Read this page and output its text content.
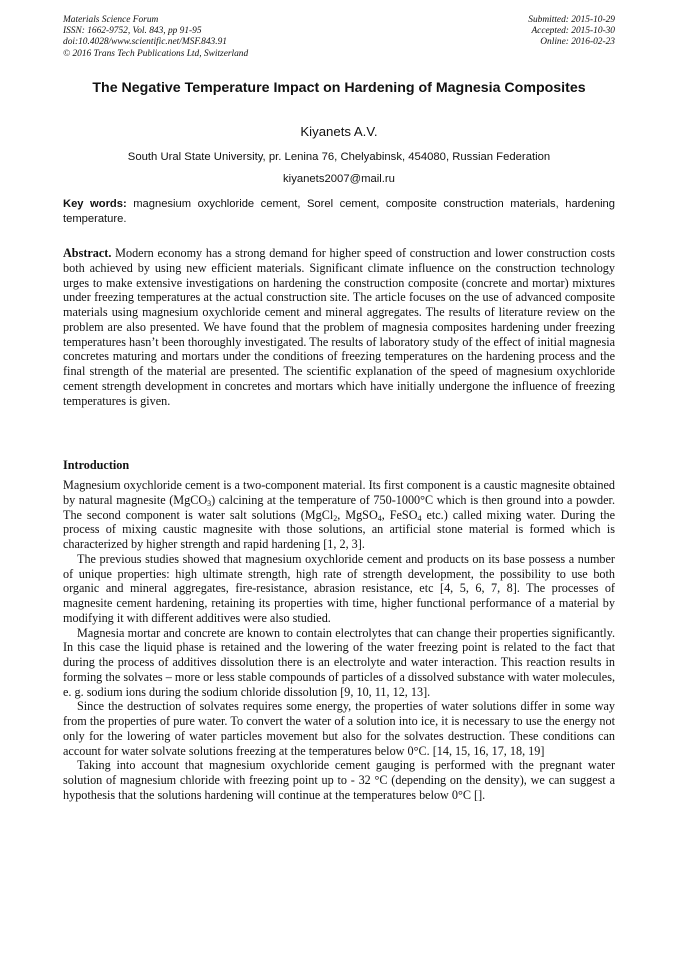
Materials Science Forum
ISSN: 1662-9752, Vol. 843, pp 91-95
doi:10.4028/www.scientific.net/MSF.843.91
© 2016 Trans Tech Publications Ltd, Switzerland
Submitted: 2015-10-29
Accepted: 2015-10-30
Online: 2016-02-23
The Negative Temperature Impact on Hardening of Magnesia Composites
Kiyanets A.V.
South Ural State University, pr. Lenina 76, Chelyabinsk, 454080, Russian Federation
kiyanets2007@mail.ru
Key words: magnesium oxychloride cement, Sorel cement, composite construction materials, hardening temperature.

Abstract. Modern economy has a strong demand for higher speed of construction and lower construction costs both achieved by using new efficient materials. Significant climate influence on the construction technology urges to make extensive investigations on hardening the construction composite (concrete and mortar) mixtures under freezing temperatures at the actual construction site. The article focuses on the use of advanced composite materials using magnesium oxychloride cement and mineral aggregates. The results of literature review on the problem are also presented. We have found that the problem of magnesia composites hardening under freezing temperatures hasn’t been thoroughly investigated. The results of laboratory study of the effect of initial magnesia concretes maturing and mortars under the conditions of freezing temperatures on the hardening process and the final strength of the material are presented. The scientific explanation of the speed of magnesium oxychloride cement strength development in concretes and mortars which have initially undergone the influence of freezing temperatures is given.

Introduction

Magnesium oxychloride cement is a two-component material. Its first component is a caustic magnesite obtained by natural magnesite (MgCO$_3$) calcining at the temperature of 750-1000°C which is then ground into a powder. The second component is water salt solutions (MgCl$_2$, MgSO$_4$, FeSO$_4$ etc.) called mixing water. During the process of mixing caustic magnesite with those solutions, an artificial stone material is formed which is characterized by higher strength and rapid hardening [1, 2, 3].

The previous studies showed that magnesium oxychloride cement and products on its base possess a number of unique properties: high ultimate strength, high rate of strength development, the possibility to use both organic and mineral aggregates, fire-resistance, abrasion resistance, etc [4, 5, 6, 7, 8]. The processes of magnesite cement hardening, retaining its properties with time, higher functional performance of a material by modifying it with different additives were also studied.

Magnesia mortar and concrete are known to contain electrolytes that can change their properties significantly. In this case the liquid phase is retained and the lowering of the water freezing point is related to the fact that during the process of additives dissolution there is an electrolyte and water interaction. This reaction results in forming the solvates – more or less stable compounds of particles of a dissolved substance with water molecules, e. g. sodium ions during the sodium chloride dissolution [9, 10, 11, 12, 13].

Since the destruction of solvates requires some energy, the properties of water solutions differ in some way from the properties of pure water. To convert the water of a solution into ice, it is necessary to use the energy not only for the lowering of water particles movement but also for the solvates destruction. These conditions can account for water solvate solutions freezing at the temperatures below 0°C. [14, 15, 16, 17, 18, 19]

Taking into account that magnesium oxychloride cement gauging is performed with the pregnant water solution of magnesium chloride with freezing point up to - 32 °C (depending on the density), we can suggest a hypothesis that the solutions hardening will continue at the temperatures below 0°C [].
